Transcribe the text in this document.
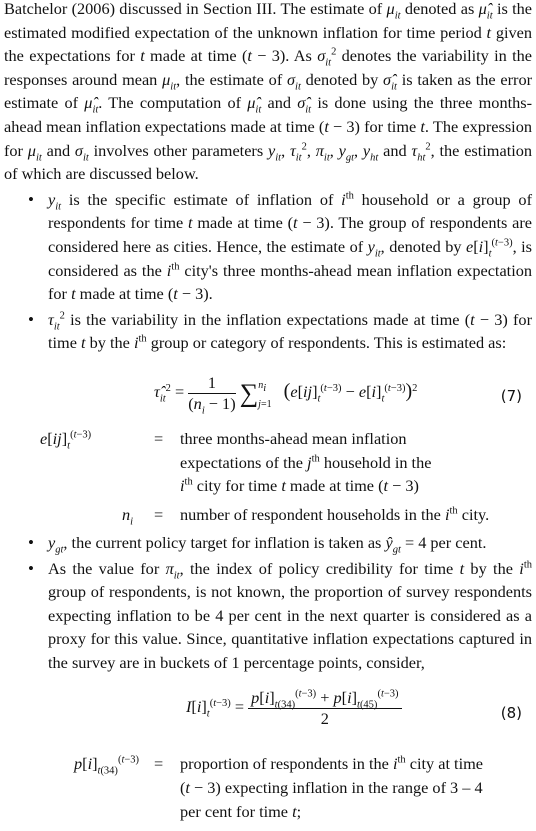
Batchelor (2006) discussed in Section III. The estimate of $\mu_{it}$ denoted as $\mû_{it}$ is the estimated modified expectation of the unknown inflation for time period t given the expectations for t made at time (t − 3). As $\sigma_{it}^2$ denotes the variability in the responses around mean $\mu_{it}$, the estimate of $\sigma_{it}$ denoted by $\sigmâ_{it}$ is taken as the error estimate of $\mû_{it}$. The computation of $\mû_{it}$ and $\sigmâ_{it}$ is done using the three months-ahead mean inflation expectations made at time (t − 3) for time t. The expression for $\mu_{it}$ and $\sigma_{it}$ involves other parameters $y_{it}$, $\tau_{it}^2$, $\pi_{it}$, $y_{gt}$, $y_{ht}$ and $\tau_{ht}^2$, the estimation of which are discussed below.

• $y_{it}$ is the specific estimate of inflation of $i^{th}$ household or a group of respondents for time t made at time (t − 3). The group of respondents are considered here as cities. Hence, the estimate of $y_{it}$, denoted by $e[i]_t^{(t-3)}$, is considered as the $i^{th}$ city's three months-ahead mean inflation expectation for t made at time (t − 3).
• $\tau_{it}^2$ is the variability in the inflation expectations made at time (t − 3) for time t by the $i^{th}$ group or category of respondents. This is estimated as:
$\taû_{it}^2 = \frac{1}{(n_i - 1)} \sum^{n_i}_{j=1}$ $(e[ij]_t^{(t-3)} - e[i]_t^{(t-3)})^2$	(7)
$e[ij]_t^{(t-3)}$	= three months-ahead mean inflation
expectations of the $j^{th}$ household in the
$i^{th}$ city for time t made at time (t − 3)
$n_i$ = number of respondent households in the $i^{th}$ city.
• $y_{gt}$, the current policy target for inflation is taken as $ŷ_{gt} = 4$ per cent.
• As the value for $\pi_{it}$, the index of policy credibility for time t by the $i^{th}$ group of respondents, is not known, the proportion of survey respondents expecting inflation to be 4 per cent in the next quarter is considered as a proxy for this value. Since, quantitative inflation expectations captured in the survey are in buckets of 1 percentage points, consider,
$I[i]_t^{(t-3)} = \frac{p[i]_{t(34)}^{(t-3)} + p[i]_{t(45)}^{(t-3)}}{2}$	(8)
$p[i]_{t(34)}^{(t-3)}$ = proportion of respondents in the $i^{th}$ city at time
(t − 3) expecting inflation in the range of 3 – 4
per cent for time t;
